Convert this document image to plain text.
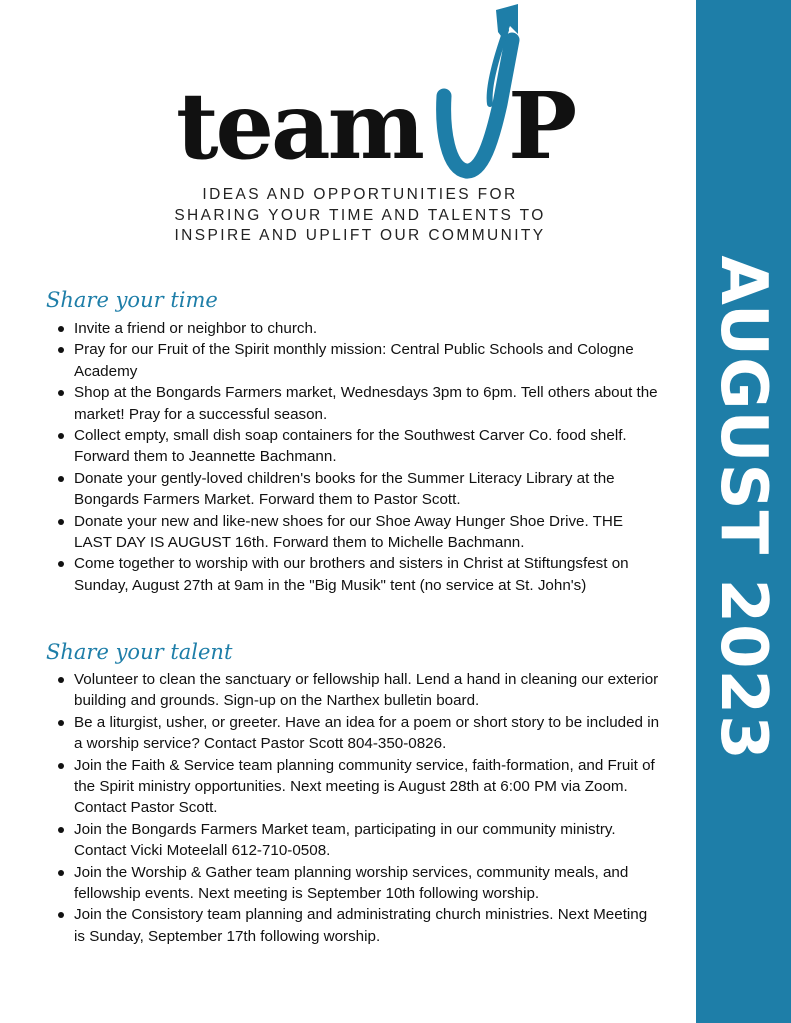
AUGUST 2023
team P
IDEAS AND OPPORTUNITIES FOR
SHARING YOUR TIME AND TALENTS TO
INSPIRE AND UPLIFT OUR COMMUNITY
Share your time
Invite a friend or neighbor to church.
Pray for our Fruit of the Spirit monthly mission: Central Public Schools and Cologne Academy
Shop at the Bongards Farmers market, Wednesdays 3pm to 6pm. Tell others about the market! Pray for a successful season.
Collect empty, small dish soap containers for the Southwest Carver Co. food shelf. Forward them to Jeannette Bachmann.
Donate your gently-loved children's books for the Summer Literacy Library at the Bongards Farmers Market. Forward them to Pastor Scott.
Donate your new and like-new shoes for our Shoe Away Hunger Shoe Drive. THE LAST DAY IS AUGUST 16th. Forward them to Michelle Bachmann.
Come together to worship with our brothers and sisters in Christ at Stiftungsfest on Sunday, August 27th at 9am in the "Big Musik" tent (no service at St. John's)
Share your talent
Volunteer to clean the sanctuary or fellowship hall. Lend a hand in cleaning our exterior building and grounds. Sign-up on the Narthex bulletin board.
Be a liturgist, usher, or greeter. Have an idea for a poem or short story to be included in a worship service? Contact Pastor Scott 804-350-0826.
Join the Faith & Service team planning community service, faith-formation, and Fruit of the Spirit ministry opportunities. Next meeting is August 28th at 6:00 PM via Zoom. Contact Pastor Scott.
Join the Bongards Farmers Market team, participating in our community ministry. Contact Vicki Moteelall 612-710-0508.
Join the Worship & Gather team planning worship services, community meals, and fellowship events. Next meeting is September 10th following worship.
Join the Consistory team planning and administrating church ministries. Next Meeting is Sunday, September 17th following worship.
